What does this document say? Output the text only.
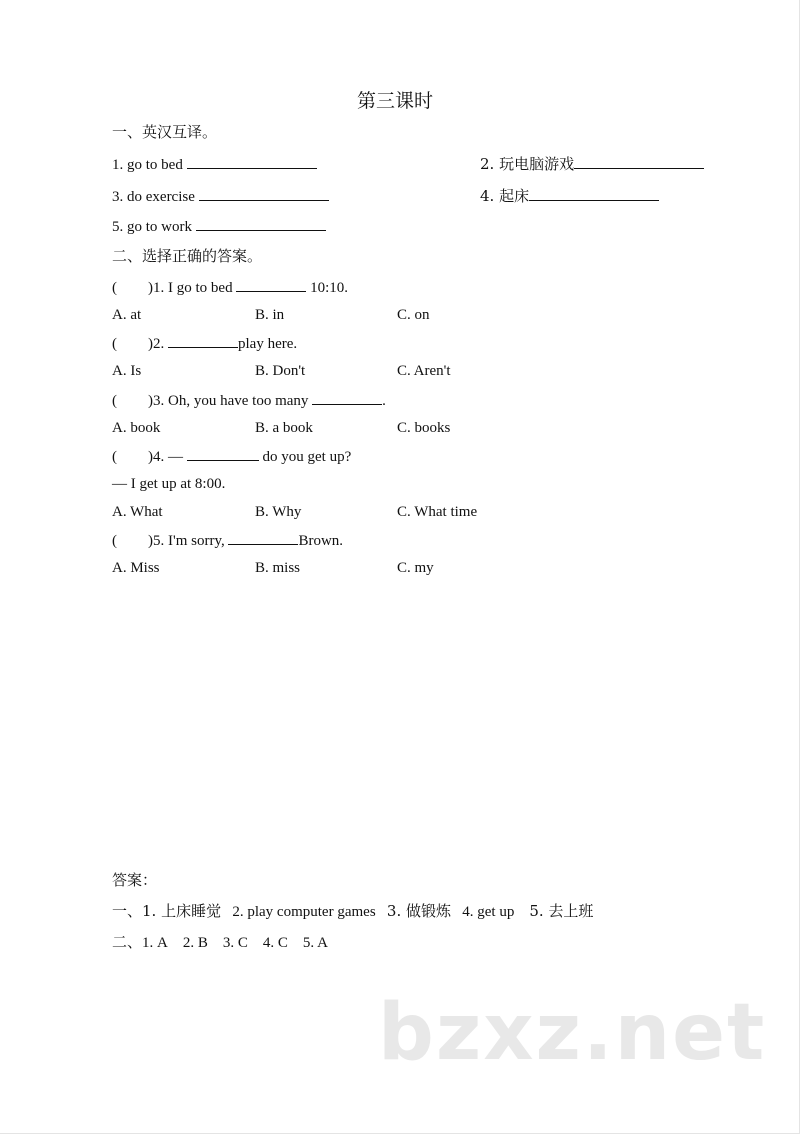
第三课时
一、英汉互译。
1. go to bed	2. 玩电脑游戏
3. do exercise	4. 起床
5. go to work
二、选择正确的答案。
( )1. I go to bed	10:10.
A. at	B. in	C. on
( )2.	play here.
A. Is	B. Don't	C. Aren't
( )3. Oh, you have too many	.
A. book	B. a book	C. books
( )4. —	do you get up?
— I get up at 8:00.
A. What	B. Why	C. What time
( )5. I'm sorry,	Brown.
A. Miss	B. miss	C. my
答案：
一、1. 上床睡觉 2. play computer games 3. 做锻炼 4. get up 5. 去上班
二、1. A 2. B 3. C 4. C 5. A
bzxz.net
